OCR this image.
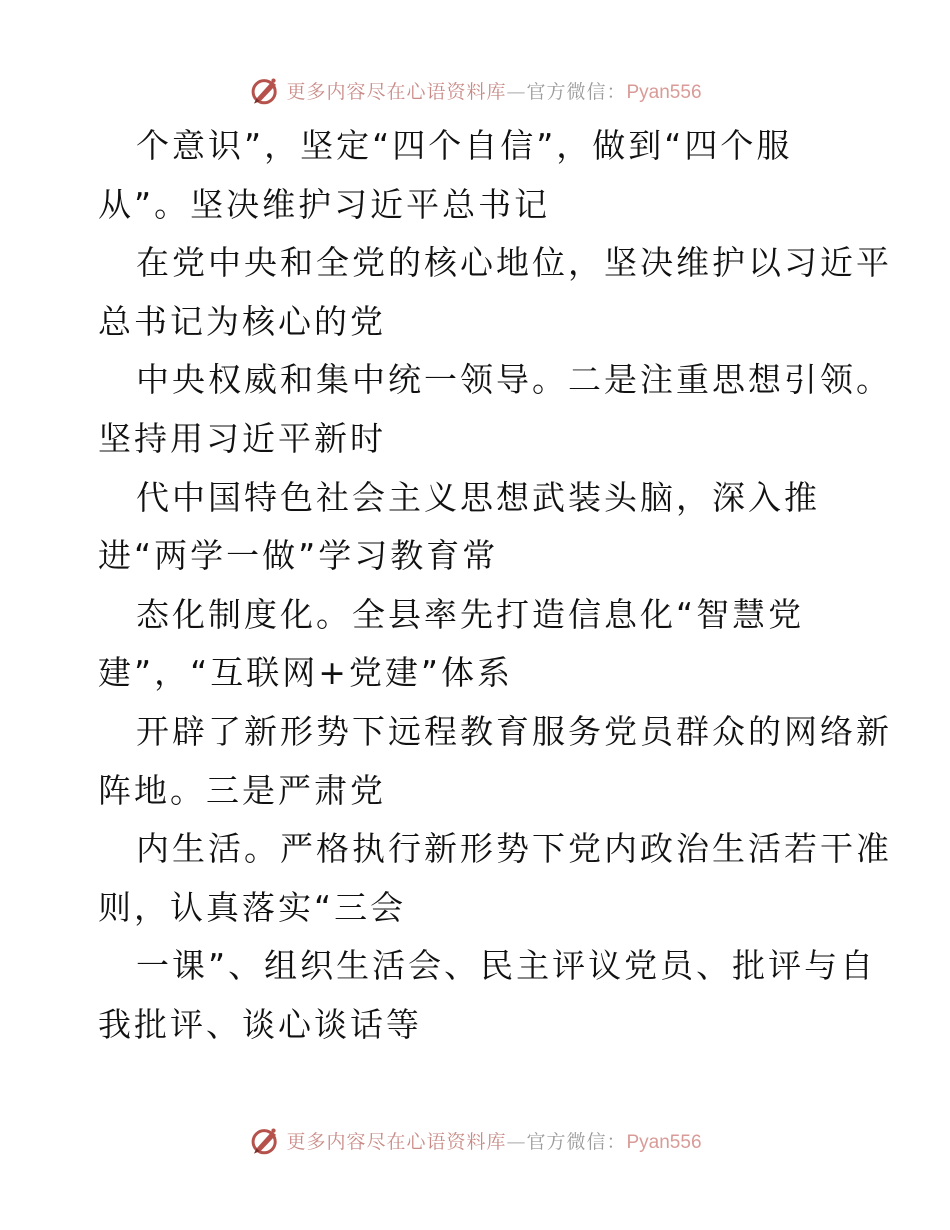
更多内容尽在心语资料库—官方微信：Pyan556
个意识”，坚定“四个自信”，做到“四个服
从”。坚决维护习近平总书记
在党中央和全党的核心地位，坚决维护以习近平
总书记为核心的党
中央权威和集中统一领导。二是注重思想引领。
坚持用习近平新时
代中国特色社会主义思想武装头脑，深入推
进“两学一做”学习教育常
态化制度化。全县率先打造信息化“智慧党
建”，“互联网+党建”体系
开辟了新形势下远程教育服务党员群众的网络新
阵地。三是严肃党
内生活。严格执行新形势下党内政治生活若干准
则，认真落实“三会
一课”、组织生活会、民主评议党员、批评与自
我批评、谈心谈话等
更多内容尽在心语资料库—官方微信：Pyan556
